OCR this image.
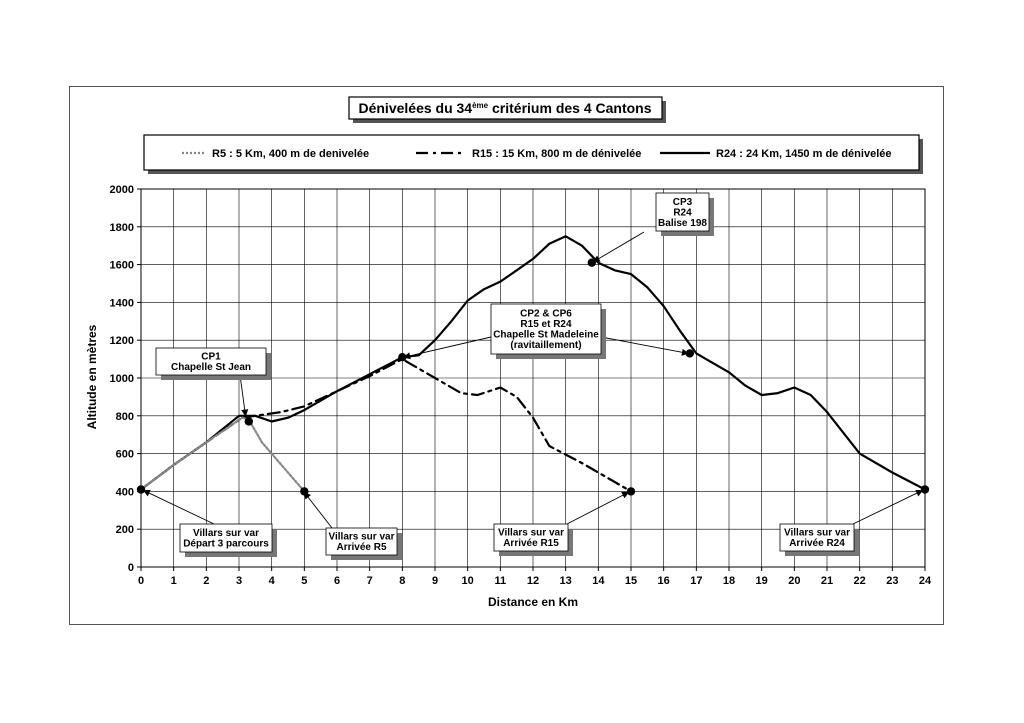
Dénivelées du 34ème critérium des 4 Cantons
R5 : 5 Km, 400 m de denivelée	R15 : 15 Km, 800 m de dénivelée	R24 : 24 Km, 1450 m de dénivelée
0 1 2 3 4 5 6 7 8 9 10 11 12 13 14 15 16 17 18 19 20 21 22 23 24
0
200
400
600
800
1000
1200
1400
1600
1800
2000
CP1
Chapelle St Jean
CP3
R24
Balise 198
CP2 & CP6
R15 et R24
Chapelle St Madeleine
(ravitaillement)
Villars sur var
Départ 3 parcours
Villars sur var
Arrivée R5
Villars sur var
Arrivée R15
Villars sur var
Arrivée R24
Distance en Km
Altitude en mètres
